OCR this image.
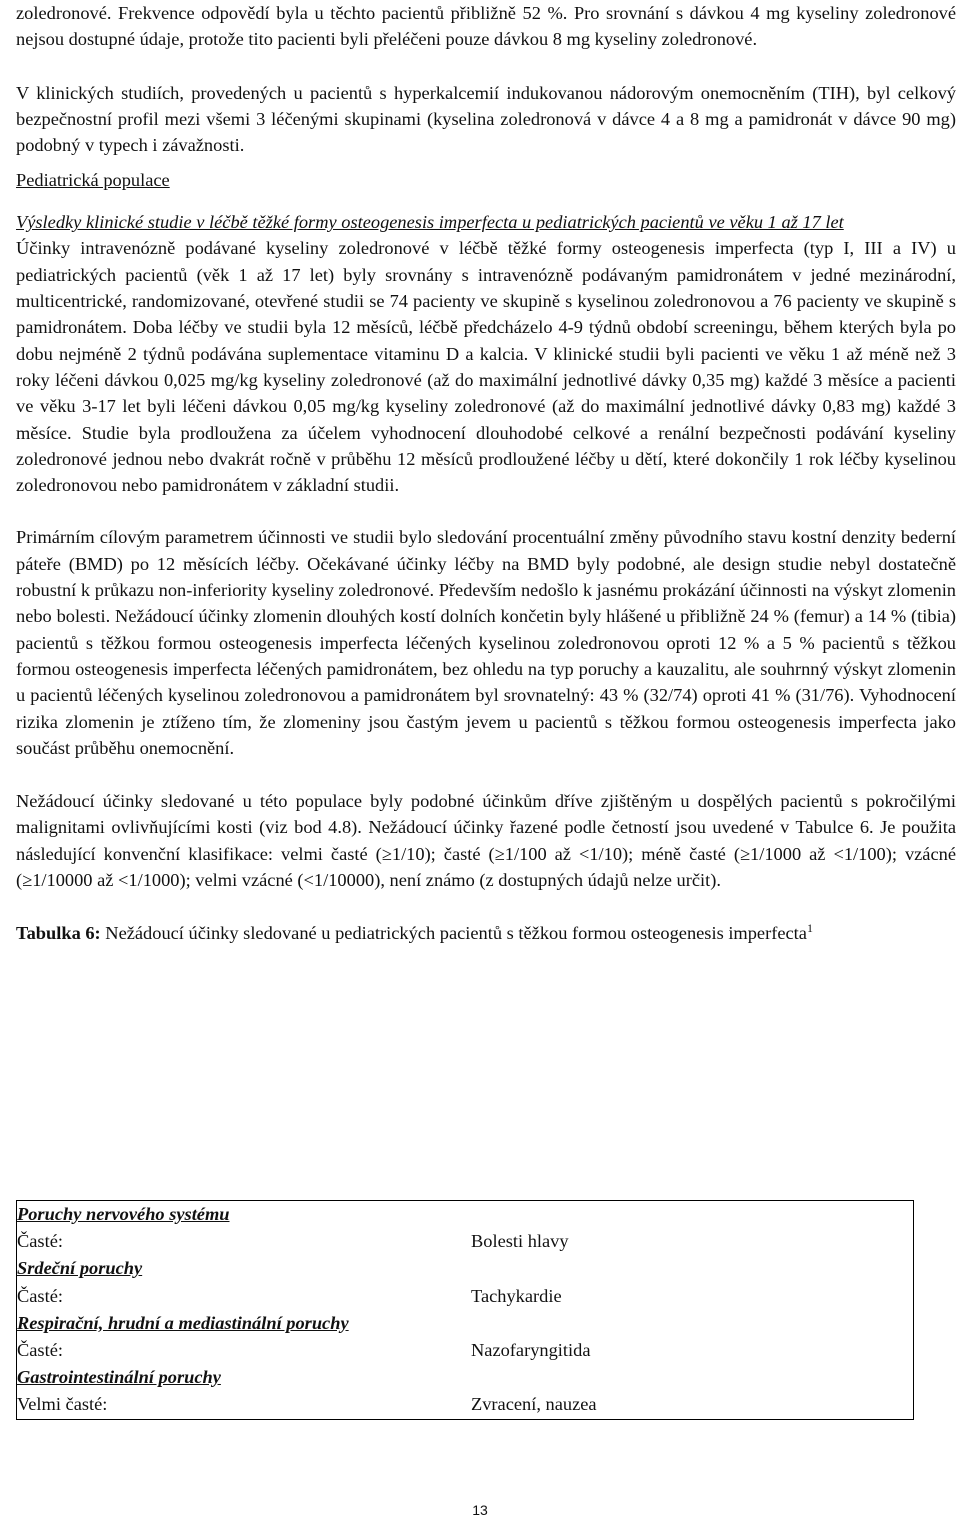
zoledronové. Frekvence odpovědí byla u těchto pacientů přibližně 52 %. Pro srovnání s dávkou 4 mg kyseliny zoledronové nejsou dostupné údaje, protože tito pacienti byli přeléčeni pouze dávkou 8 mg kyseliny zoledronové.

V klinických studiích, provedených u pacientů s hyperkalcemií indukovanou nádorovým onemocněním (TIH), byl celkový bezpečnostní profil mezi všemi 3 léčenými skupinami (kyselina zoledronová v dávce 4 a 8 mg a pamidronát v dávce 90 mg) podobný v typech i závažnosti.

Pediatrická populace

Výsledky klinické studie v léčbě těžké formy osteogenesis imperfecta u pediatrických pacientů ve věku 1 až 17 let

Účinky intravenózně podávané kyseliny zoledronové v léčbě těžké formy osteogenesis imperfecta (typ I, III a IV) u pediatrických pacientů (věk 1 až 17 let) byly srovnány s intravenózně podávaným pamidronátem v jedné mezinárodní, multicentrické, randomizované, otevřené studii se 74 pacienty ve skupině s kyselinou zoledronovou a 76 pacienty ve skupině s pamidronátem. Doba léčby ve studii byla 12 měsíců, léčbě předcházelo 4-9 týdnů období screeningu, během kterých byla po dobu nejméně 2 týdnů podávána suplementace vitaminu D a kalcia. V klinické studii byli pacienti ve věku 1 až méně než 3 roky léčeni dávkou 0,025 mg/kg kyseliny zoledronové (až do maximální jednotlivé dávky 0,35 mg) každé 3 měsíce a pacienti ve věku 3-17 let byli léčeni dávkou 0,05 mg/kg kyseliny zoledronové (až do maximální jednotlivé dávky 0,83 mg) každé 3 měsíce. Studie byla prodloužena za účelem vyhodnocení dlouhodobé celkové a renální bezpečnosti podávání kyseliny zoledronové jednou nebo dvakrát ročně v průběhu 12 měsíců prodloužené léčby u dětí, které dokončily 1 rok léčby kyselinou zoledronovou nebo pamidronátem v základní studii.

Primárním cílovým parametrem účinnosti ve studii bylo sledování procentuální změny původního stavu kostní denzity bederní páteře (BMD) po 12 měsících léčby. Očekávané účinky léčby na BMD byly podobné, ale design studie nebyl dostatečně robustní k průkazu non-inferiority kyseliny zoledronové. Především nedošlo k jasnému prokázání účinnosti na výskyt zlomenin nebo bolesti. Nežádoucí účinky zlomenin dlouhých kostí dolních končetin byly hlášené u přibližně 24 % (femur) a 14 % (tibia) pacientů s těžkou formou osteogenesis imperfecta léčených kyselinou zoledronovou oproti 12 % a 5 % pacientů s těžkou formou osteogenesis imperfecta léčených pamidronátem, bez ohledu na typ poruchy a kauzalitu, ale souhrnný výskyt zlomenin u pacientů léčených kyselinou zoledronovou a pamidronátem byl srovnatelný: 43 % (32/74) oproti 41 % (31/76). Vyhodnocení rizika zlomenin je ztíženo tím, že zlomeniny jsou častým jevem u pacientů s těžkou formou osteogenesis imperfecta jako součást průběhu onemocnění.

Nežádoucí účinky sledované u této populace byly podobné účinkům dříve zjištěným u dospělých pacientů s pokročilými malignitami ovlivňujícími kosti (viz bod 4.8). Nežádoucí účinky řazené podle četností jsou uvedené v Tabulce 6. Je použita následující konvenční klasifikace: velmi časté (≥1/10); časté (≥1/100 až <1/10); méně časté (≥1/1000 až <1/100); vzácné (≥1/10000 až <1/1000); velmi vzácné (<1/10000), není známo (z dostupných údajů nelze určit).

Tabulka 6: Nežádoucí účinky sledované u pediatrických pacientů s těžkou formou osteogenesis imperfecta$^1$

Poruchy nervového systému	
Časté:	Bolesti hlavy
Srdeční poruchy	
Časté:	Tachykardie
Respirační, hrudní a mediastinální poruchy	
Časté:	Nazofaryngitida
Gastrointestinální poruchy	
Velmi časté:	Zvracení, nauzea
13
